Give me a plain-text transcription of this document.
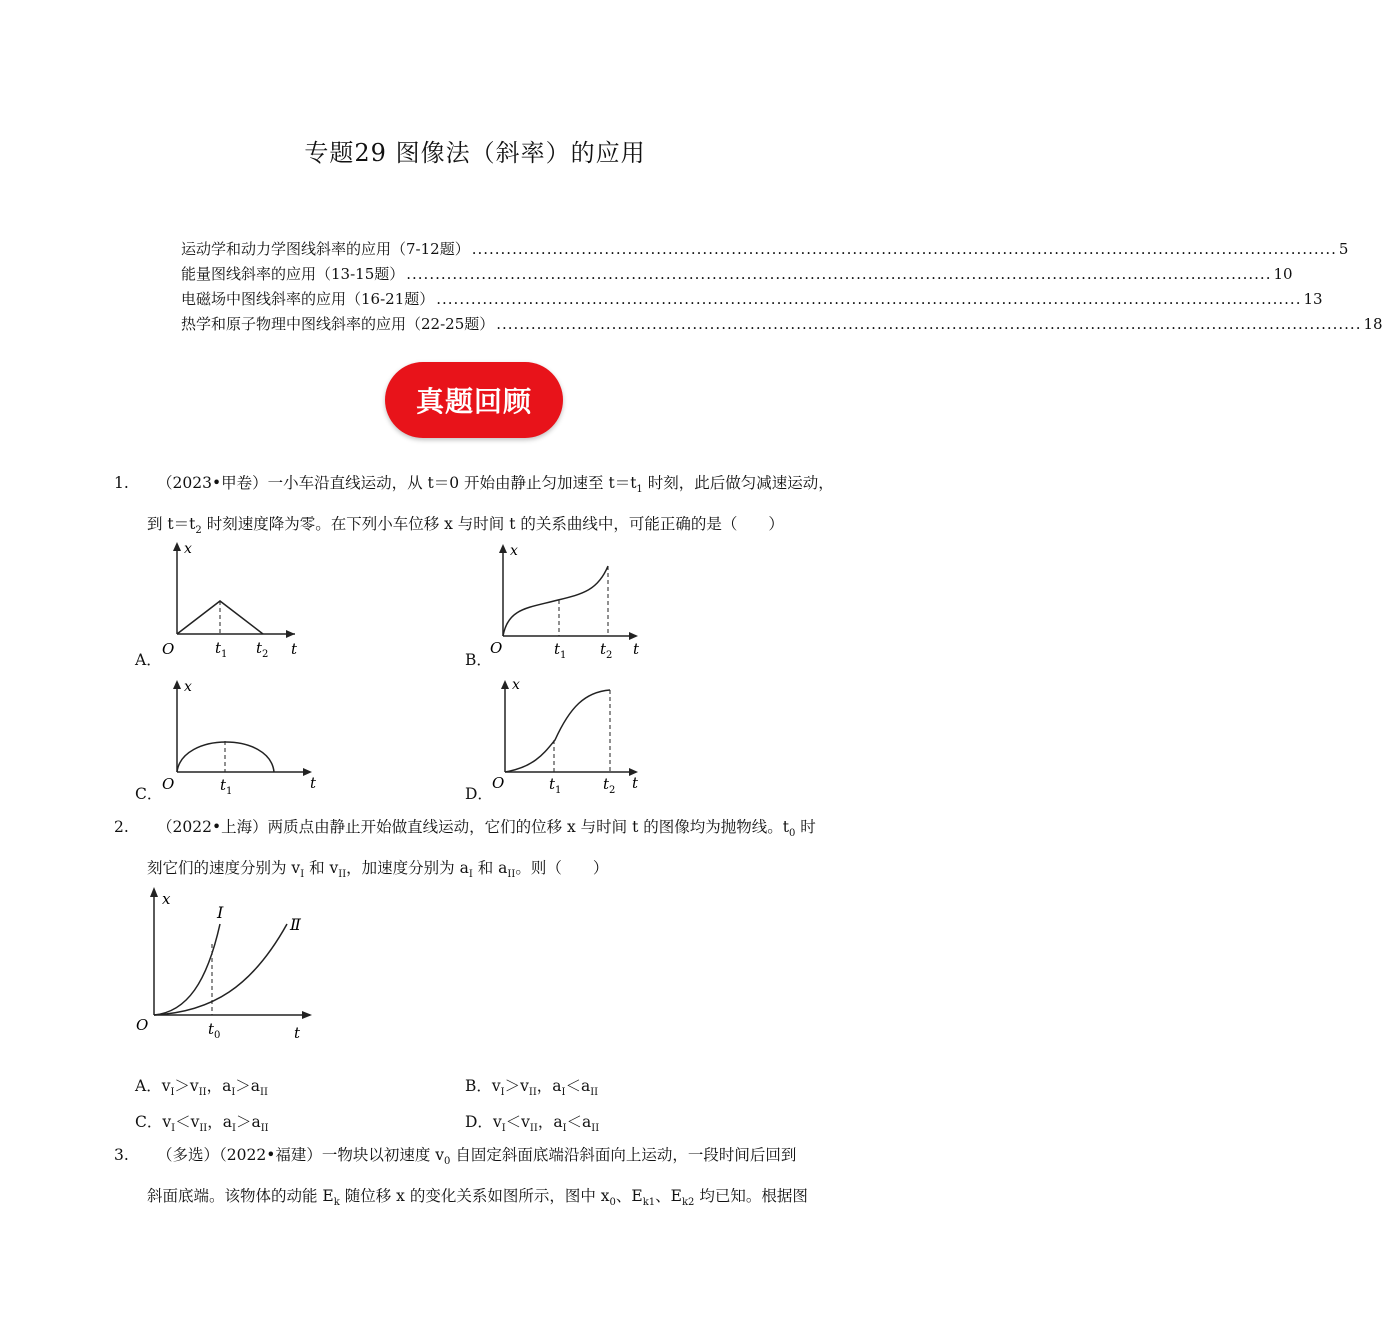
专题29 图像法（斜率）的应用
运动学和动力学图线斜率的应用（7-12题） ...................................................................................................................................................... 5
能量图线斜率的应用（13-15题） ...................................................................................................................................................... 10
电磁场中图线斜率的应用（16-21题） ...................................................................................................................................................... 13
热学和原子物理中图线斜率的应用（22-25题） ...................................................................................................................................................... 18
真题回顾
1. （2023•甲卷）一小车沿直线运动，从 t＝0 开始由静止匀加速至 $t=t_1$ 时刻，此后做匀减速运动，
到 $t=t_2$ 时刻速度降为零。在下列小车位移 x 与时间 t 的关系曲线中，可能正确的是（　　）
A．
x
O	$t_1$ $t_2$ t
B．
x
O	$t_1$ $t_2$ t
C．
x
O	$t_1$	t
D．
x
O	$t_1$	$t_2$ t
2. （2022•上海）两质点由静止开始做直线运动，它们的位移 x 与时间 t 的图像均为抛物线。$t_0$ 时
刻它们的速度分别为 $v_I$ 和 $v_{II}$，加速度分别为 $a_I$ 和 $a_{II}$。则（　　）
x
Ⅰ
Ⅱ
O	$t_0$	t
A．$v_I>v_{II}$，$a_I>a_{II}$	B．$v_I>v_{II}$，$a_I<a_{II}$
C．$v_I<v_{II}$，$a_I>a_{II}$	D．$v_I<v_{II}$，$a_I<a_{II}$
3. （多选）（2022•福建）一物块以初速度 $v_0$ 自固定斜面底端沿斜面向上运动，一段时间后回到
斜面底端。该物体的动能 $E_k$ 随位移 x 的变化关系如图所示，图中 $x_0$、$E_{k1}$、$E_{k2}$ 均已知。根据图
